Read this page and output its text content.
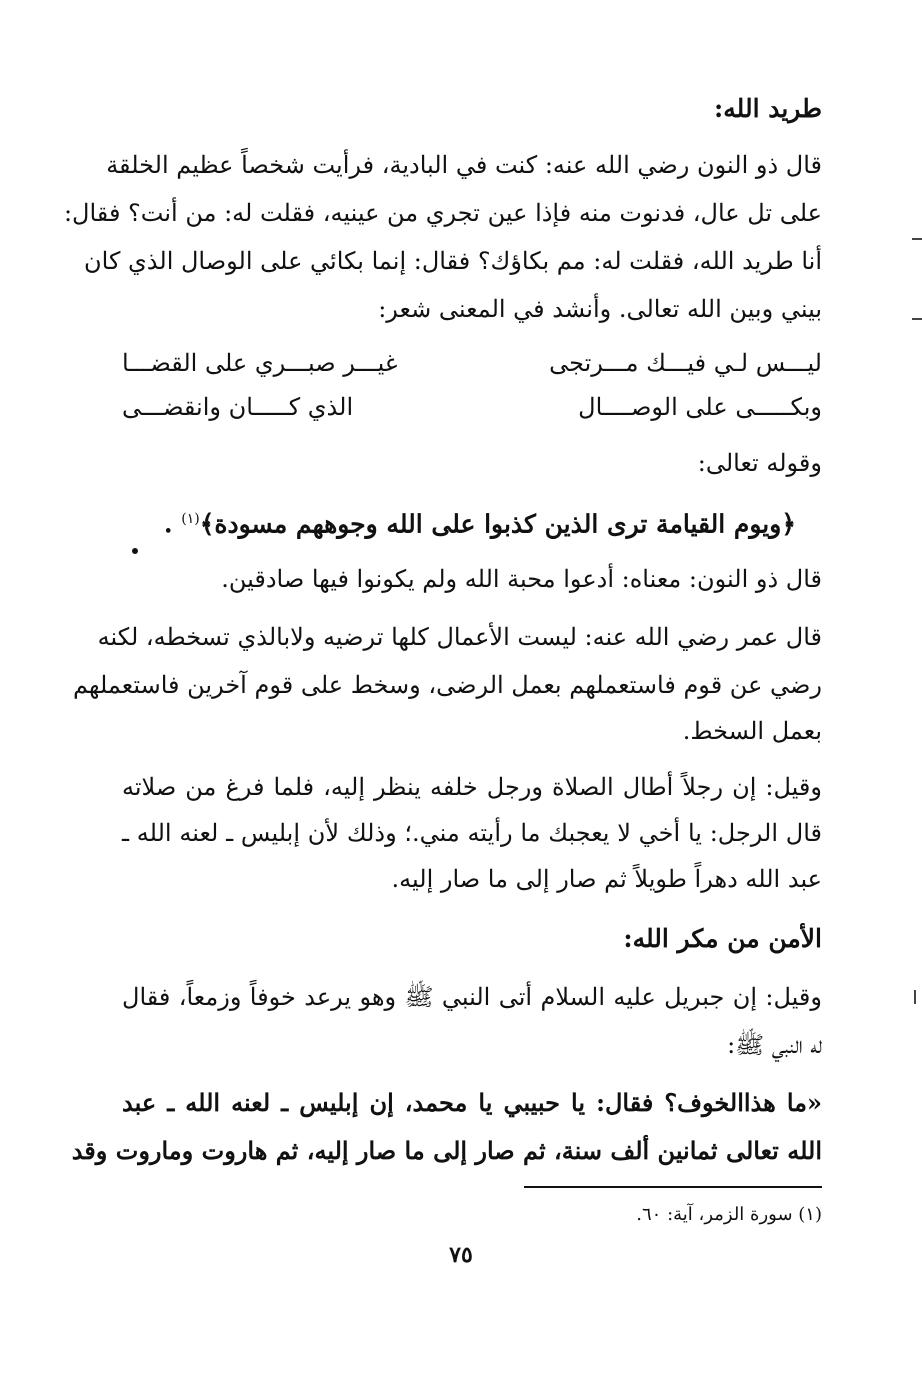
طريد الله:
قال ذو النون رضي الله عنه: كنت في البادية، فرأيت شخصاً عظيم الخلقة
على تل عال، فدنوت منه فإذا عين تجري من عينيه، فقلت له: من أنت؟ فقال:
أنا طريد الله، فقلت له: مم بكاؤك؟ فقال: إنما بكائي على الوصال الذي كان
بيني وبين الله تعالى. وأنشد في المعنى شعر:
ليـــس لـي فيـــك مـــرتجى
غيـــر صبـــري على القضـــا
وبكـــــى على الوصــــال
الذي كـــــان وانقضـــى
وقوله تعالى:
﴿ويوم القيامة ترى الذين كذبوا على الله وجوههم مسودة﴾$^{(١)}$ .
قال ذو النون: معناه: أدعوا محبة الله ولم يكونوا فيها صادقين.
قال عمر رضي الله عنه: ليست الأعمال كلها ترضيه ولابالذي تسخطه، لكنه
رضي عن قوم فاستعملهم بعمل الرضى، وسخط على قوم آخرين فاستعملهم
بعمل السخط.
وقيل: إن رجلاً أطال الصلاة ورجل خلفه ينظر إليه، فلما فرغ من صلاته
قال الرجل: يا أخي لا يعجبك ما رأيته مني.؛ وذلك لأن إبليس ـ لعنه الله ـ
عبد الله دهراً طويلاً ثم صار إلى ما صار إليه.
الأمن من مكر الله:
وقيل: إن جبريل عليه السلام أتى النبي ﷺ وهو يرعد خوفاً وزمعاً، فقال
له النبي ﷺ:
«ما هذاالخوف؟ فقال: يا حبيبي يا محمد، إن إبليس ـ لعنه الله ـ عبد
الله تعالى ثمانين ألف سنة، ثم صار إلى ما صار إليه، ثم هاروت وماروت وقد
(١) سورة الزمر، آية: ٦٠.
٧٥
